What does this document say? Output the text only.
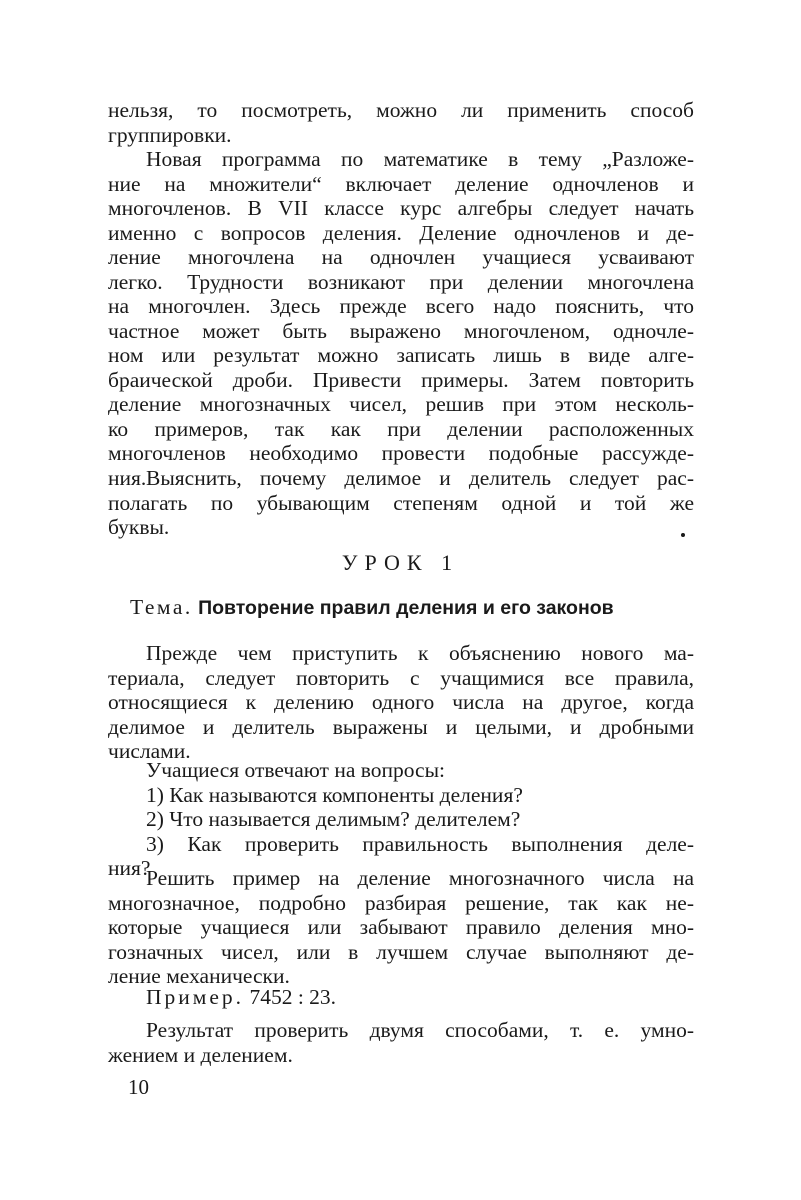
нельзя, то посмотреть, можно ли применить способ
группировки.
Новая программа по математике в тему „Разложе-
ние на множители“ включает деление одночленов и
многочленов. В VII классе курс алгебры следует начать
именно с вопросов деления. Деление одночленов и де-
ление многочлена на одночлен учащиеся усваивают
легко. Трудности возникают при делении многочлена
на многочлен. Здесь прежде всего надо пояснить, что
частное может быть выражено многочленом, одночле-
ном или результат можно записать лишь в виде алге-
браической дроби. Привести примеры. Затем повторить
деление многозначных чисел, решив при этом несколь-
ко примеров, так как при делении расположенных
многочленов необходимо провести подобные рассужде-
ния. Выяснить, почему делимое и делитель следует рас-
полагать по убывающим степеням одной и той же
буквы.
УРОК 1
Тема. Повторение правил деления и его законов
Прежде чем приступить к объяснению нового ма-
териала, следует повторить с учащимися все правила,
относящиеся к делению одного числа на другое, когда
делимое и делитель выражены и целыми, и дробными
числами.
Учащиеся отвечают на вопросы:
1) Как называются компоненты деления?
2) Что называется делимым? делителем?
3) Как проверить правильность выполнения деле-
ния?
Решить пример на деление многозначного числа на
многозначное, подробно разбирая решение, так как не-
которые учащиеся или забывают правило деления мно-
гозначных чисел, или в лучшем случае выполняют де-
ление механически.
Пример. 7452 : 23.
Результат проверить двумя способами, т. е. умно-
жением и делением.
10
